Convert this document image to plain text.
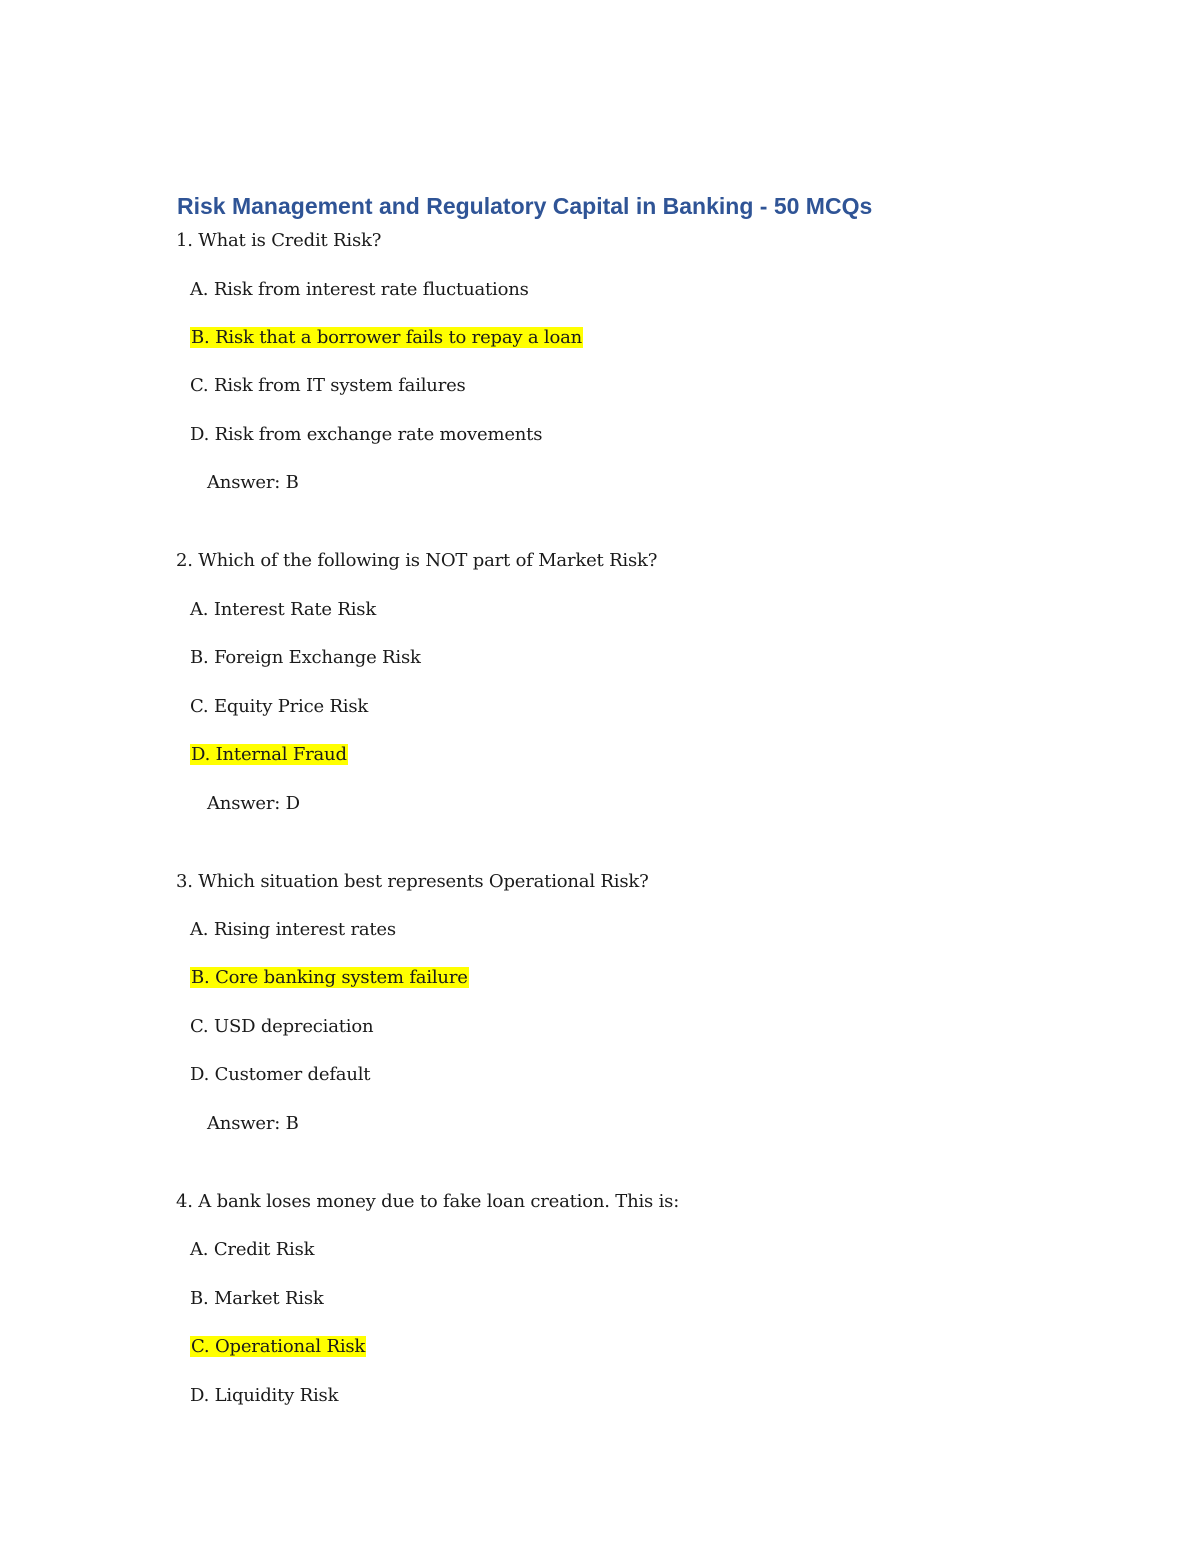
Risk Management and Regulatory Capital in Banking - 50 MCQs
1. What is Credit Risk?
A. Risk from interest rate fluctuations
B. Risk that a borrower fails to repay a loan
C. Risk from IT system failures
D. Risk from exchange rate movements
Answer: B
2. Which of the following is NOT part of Market Risk?
A. Interest Rate Risk
B. Foreign Exchange Risk
C. Equity Price Risk
D. Internal Fraud
Answer: D
3. Which situation best represents Operational Risk?
A. Rising interest rates
B. Core banking system failure
C. USD depreciation
D. Customer default
Answer: B
4. A bank loses money due to fake loan creation. This is:
A. Credit Risk
B. Market Risk
C. Operational Risk
D. Liquidity Risk
